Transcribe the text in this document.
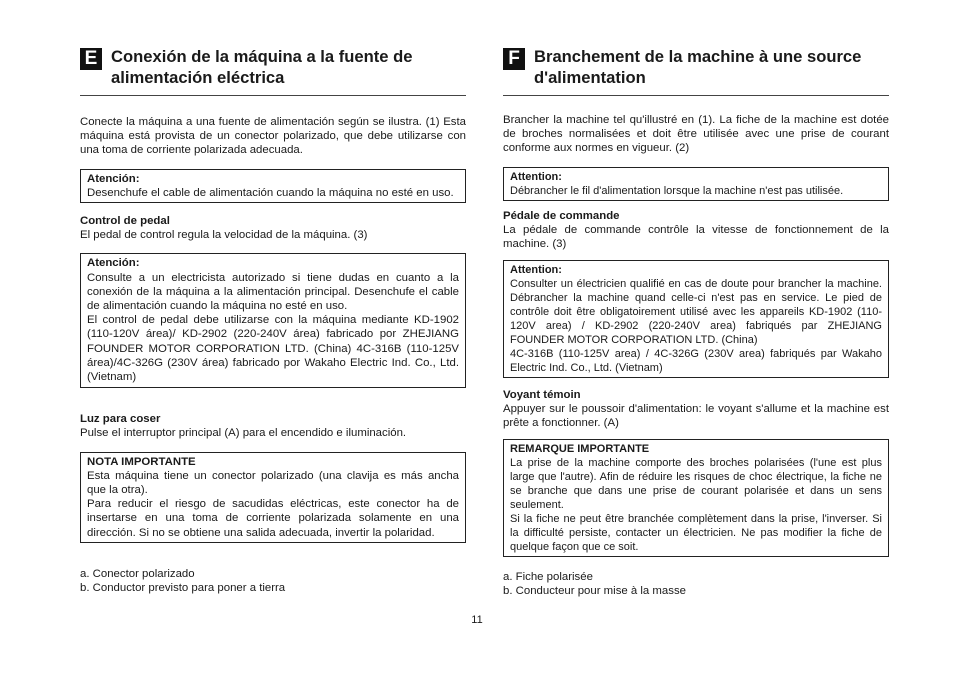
E Conexión de la máquina a la fuente de alimentación eléctrica

Conecte la máquina a una fuente de alimentación según se ilustra. (1) Esta máquina está provista de un conector polarizado, que debe utilizarse con una toma de corriente polarizada adecuada.

Atención:

Desenchufe el cable de alimentación cuando la máquina no esté en uso.

Control de pedal

El pedal de control regula la velocidad de la máquina. (3)

Atención:

Consulte a un electricista autorizado si tiene dudas en cuanto a la conexión de la máquina a la alimentación principal. Desenchufe el cable de alimentación cuando la máquina no esté en uso.

El control de pedal debe utilizarse con la máquina mediante KD-1902 (110-120V área)/ KD-2902 (220-240V área) fabricado por ZHEJIANG FOUNDER MOTOR CORPORATION LTD. (China) 4C-316B (110-125V área)/4C-326G (230V área) fabricado por Wakaho Electric Ind. Co., Ltd. (Vietnam)

Luz para coser

Pulse el interruptor principal (A) para el encendido e iluminación.

NOTA IMPORTANTE

Esta máquina tiene un conector polarizado (una clavija es más ancha que la otra).

Para reducir el riesgo de sacudidas eléctricas, este conector ha de insertarse en una toma de corriente polarizada solamente en una dirección. Si no se obtiene una salida adecuada, invertir la polaridad.

a. Conector polarizado

b. Conductor previsto para poner a tierra

F Branchement de la machine à une source d'alimentation

Brancher la machine tel qu'illustré en (1). La fiche de la machine est dotée de broches normalisées et doit être utilisée avec une prise de courant conforme aux normes en vigueur. (2)

Attention:

Débrancher le fil d'alimentation lorsque la machine n'est pas utilisée.

Pédale de commande

La pédale de commande contrôle la vitesse de fonctionnement de la machine. (3)

Attention:

Consulter un électricien qualifié en cas de doute pour brancher la machine. Débrancher la machine quand celle-ci n'est pas en service. Le pied de contrôle doit être obligatoirement utilisé avec les appareils KD-1902 (110-120V area) / KD-2902 (220-240V area) fabriqués par ZHEJIANG FOUNDER MOTOR CORPORATION LTD. (China)

4C-316B (110-125V area) / 4C-326G (230V area) fabriqués par Wakaho Electric Ind. Co., Ltd. (Vietnam)

Voyant témoin

Appuyer sur le poussoir d'alimentation: le voyant s'allume et la machine est prête a fonctionner. (A)

REMARQUE IMPORTANTE

La prise de la machine comporte des broches polarisées (l'une est plus large que l'autre). Afin de réduire les risques de choc électrique, la fiche ne se branche que dans une prise de courant polarisée et dans un sens seulement.

Si la fiche ne peut être branchée complètement dans la prise, l'inverser. Si la difficulté persiste, contacter un électricien. Ne pas modifier la fiche de quelque façon que ce soit.

a. Fiche polarisée

b. Conducteur pour mise à la masse

11
